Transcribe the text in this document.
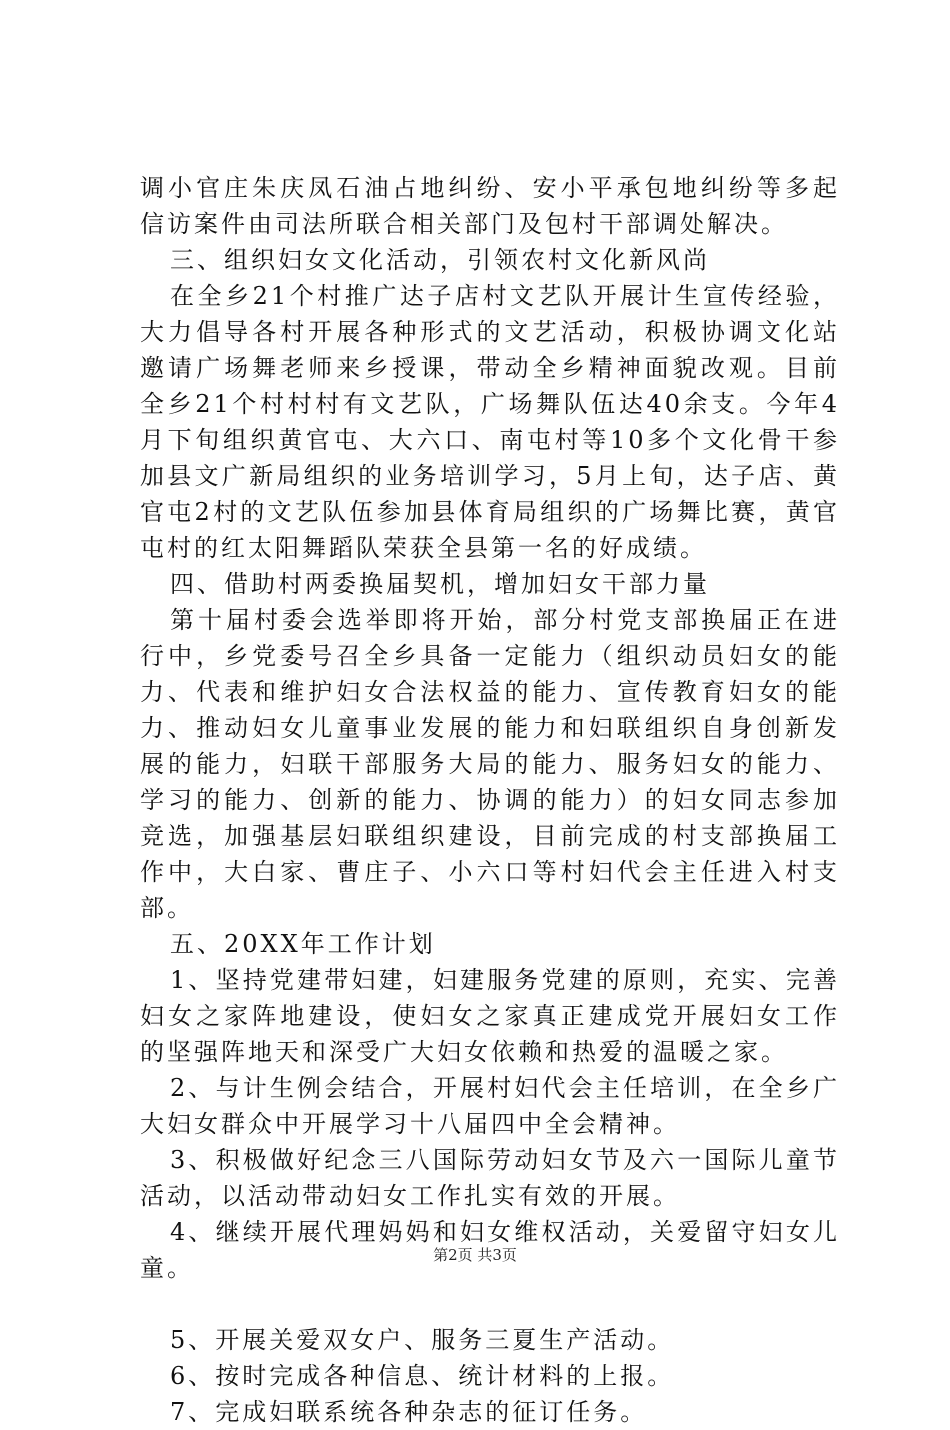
调小官庄朱庆凤石油占地纠纷、安小平承包地纠纷等多起信访案件由司法所联合相关部门及包村干部调处解决。

三、组织妇女文化活动，引领农村文化新风尚

在全乡21个村推广达子店村文艺队开展计生宣传经验，大力倡导各村开展各种形式的文艺活动，积极协调文化站邀请广场舞老师来乡授课，带动全乡精神面貌改观。目前全乡21个村村村有文艺队，广场舞队伍达40余支。今年4月下旬组织黄官屯、大六口、南屯村等10多个文化骨干参加县文广新局组织的业务培训学习，5月上旬，达子店、黄官屯2村的文艺队伍参加县体育局组织的广场舞比赛，黄官屯村的红太阳舞蹈队荣获全县第一名的好成绩。

四、借助村两委换届契机，增加妇女干部力量

第十届村委会选举即将开始，部分村党支部换届正在进行中，乡党委号召全乡具备一定能力（组织动员妇女的能力、代表和维护妇女合法权益的能力、宣传教育妇女的能力、推动妇女儿童事业发展的能力和妇联组织自身创新发展的能力，妇联干部服务大局的能力、服务妇女的能力、学习的能力、创新的能力、协调的能力）的妇女同志参加竞选，加强基层妇联组织建设，目前完成的村支部换届工作中，大白家、曹庄子、小六口等村妇代会主任进入村支部。

五、20XX年工作计划

1、坚持党建带妇建，妇建服务党建的原则，充实、完善妇女之家阵地建设，使妇女之家真正建成党开展妇女工作的坚强阵地天和深受广大妇女依赖和热爱的温暖之家。

2、与计生例会结合，开展村妇代会主任培训，在全乡广大妇女群众中开展学习十八届四中全会精神。

3、积极做好纪念三八国际劳动妇女节及六一国际儿童节活动，以活动带动妇女工作扎实有效的开展。

4、继续开展代理妈妈和妇女维权活动，关爱留守妇女儿童。

5、开展关爱双女户、服务三夏生产活动。

6、按时完成各种信息、统计材料的上报。

7、完成妇联系统各种杂志的征订任务。

第2页 共3页
